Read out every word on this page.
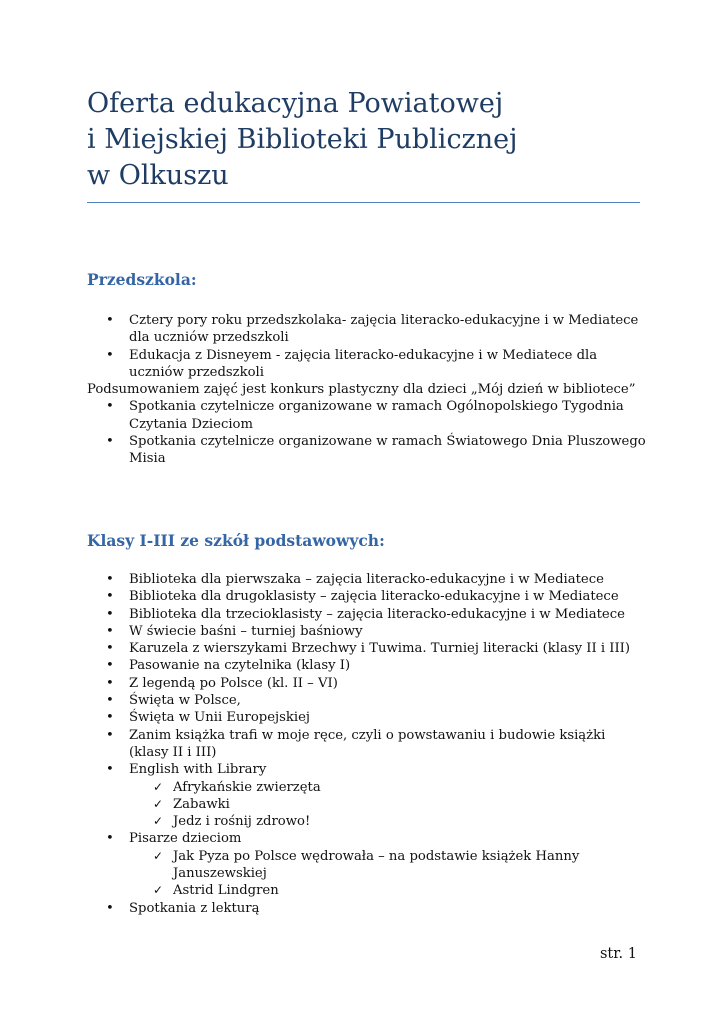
Oferta edukacyjna Powiatowej
i Miejskiej Biblioteki Publicznej
w Olkuszu
Przedszkola:
• Cztery pory roku przedszkolaka- zajęcia literacko-edukacyjne i w Mediatece dla uczniów przedszkoli
• Edukacja z Disneyem - zajęcia literacko-edukacyjne i w Mediatece dla uczniów przedszkoli
Podsumowaniem zajęć jest konkurs plastyczny dla dzieci „Mój dzień w bibliotece”
• Spotkania czytelnicze organizowane w ramach Ogólnopolskiego Tygodnia Czytania Dzieciom
• Spotkania czytelnicze organizowane w ramach Światowego Dnia Pluszowego Misia
Klasy I-III ze szkół podstawowych:
• Biblioteka dla pierwszaka – zajęcia literacko-edukacyjne i w Mediatece
• Biblioteka dla drugoklasisty – zajęcia literacko-edukacyjne i w Mediatece
• Biblioteka dla trzecioklasisty – zajęcia literacko-edukacyjne i w Mediatece
• W świecie baśni – turniej baśniowy
• Karuzela z wierszykami Brzechwy i Tuwima. Turniej literacki (klasy II i III)
• Pasowanie na czytelnika (klasy I)
• Z legendą po Polsce (kl. II – VI)
• Święta w Polsce,
• Święta w Unii Europejskiej
• Zanim książka trafi w moje ręce, czyli o powstawaniu i budowie książki (klasy II i III)
• English with Library
✓ Afrykańskie zwierzęta
✓ Zabawki
✓ Jedz i rośnij zdrowo!
• Pisarze dzieciom
✓ Jak Pyza po Polsce wędrowała – na podstawie książek Hanny Januszewskiej
✓ Astrid Lindgren
• Spotkania z lekturą
str. 1
